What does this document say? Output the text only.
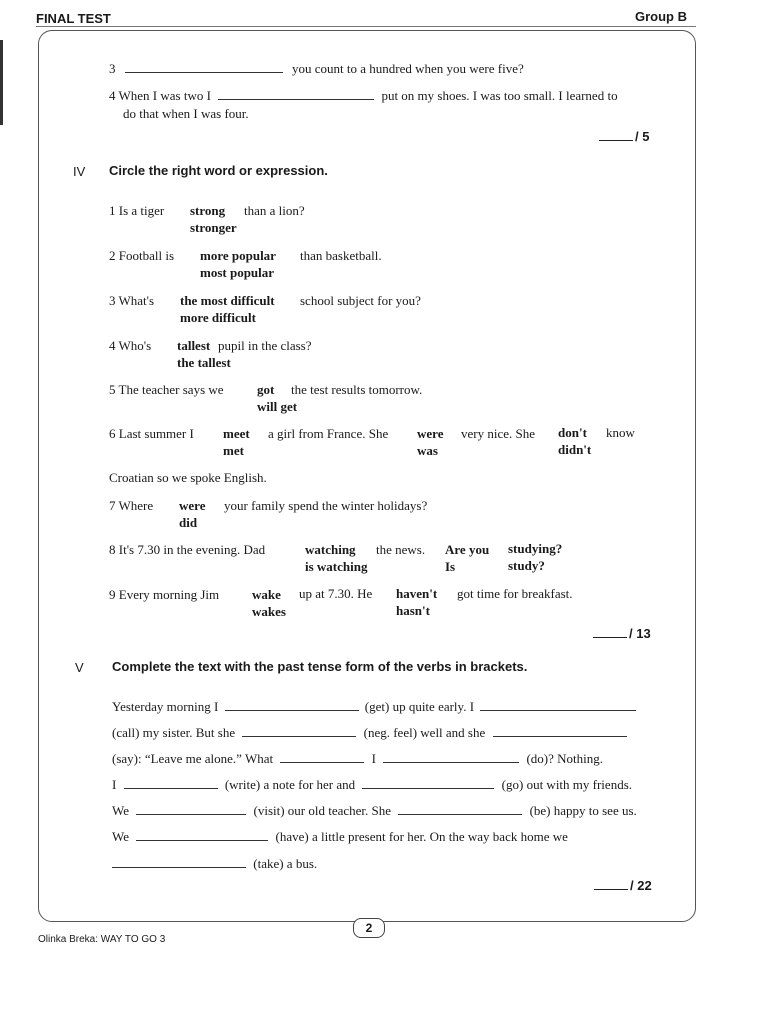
FINAL TEST	Group B
3	you count to a hundred when you were five?
4 When I was two I	put on my shoes. I was too small. I learned to
do that when I was four.
/ 5
IV Circle the right word or expression.
1 Is a tiger strong
stronger
than a lion?
2 Football is more popular
most popular
than basketball.
3 What's the most difficult
more difficult
school subject for you?
4 Who's tallest
the tallest
pupil in the class?
5 The teacher says we	got
will get
the test results tomorrow.
6 Last summer I meet
met
a girl from France. She were
was
very nice. She don't
didn't
know
Croatian so we spoke English.
7 Where were
did
your family spend the winter holidays?
8 It's 7.30 in the evening. Dad	watching
is watching
the news. Are you
Is
studying?
study?
9 Every morning Jim	wake
wakes
up at 7.30. He haven't
hasn't
got time for breakfast.
/ 13
V Complete the text with the past tense form of the verbs in brackets.
Yesterday morning I	(get) up quite early. I
(call) my sister. But she	(neg. feel) well and she
(say): “Leave me alone.” What	I	(do)? Nothing.
I	(write) a note for her and	(go) out with my friends.
We	(visit) our old teacher. She	(be) happy to see us.
We	(have) a little present for her. On the way back home we
(take) a bus.
/ 22
2
Olinka Breka: WAY TO GO 3
